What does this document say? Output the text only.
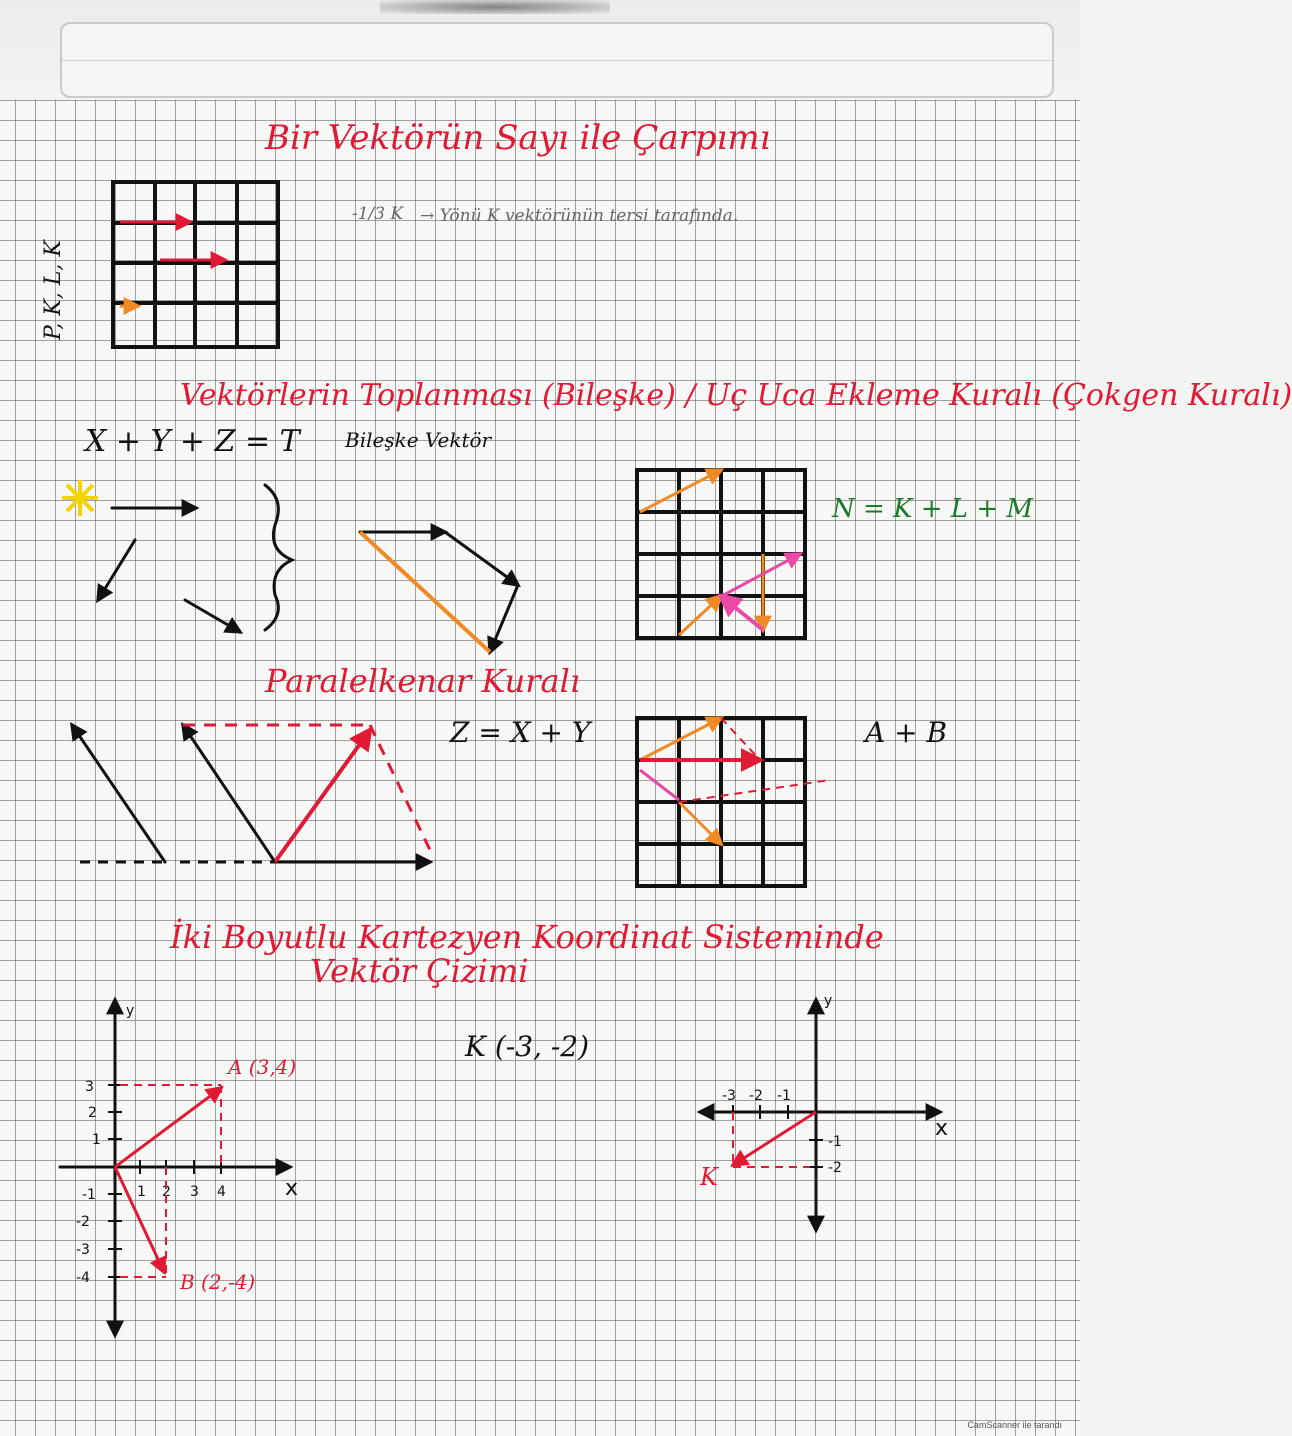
Bir Vektörün Sayı ile Çarpımı
Vektörlerin Toplanması (Bileşke) / Uç Uca Ekleme Kuralı (Çokgen Kuralı)
Paralelkenar Kuralı
İki Boyutlu Kartezyen Koordinat Sisteminde
Vektör Çizimi
-1/3 K → Yönü K vektörünün tersi tarafında.
X + Y + Z = T Bileşke Vektör
N = K + L + M
Z = X + Y	A + B
K (-3, -2)
A (3,4)
B (2,-4)
CamScanner ile tarandı
P, K, L, K
1 2 3 4
3
2
1
-1
-2
-3
-4
y
x
-3 -2 -1
-1
-2
y
x
K
